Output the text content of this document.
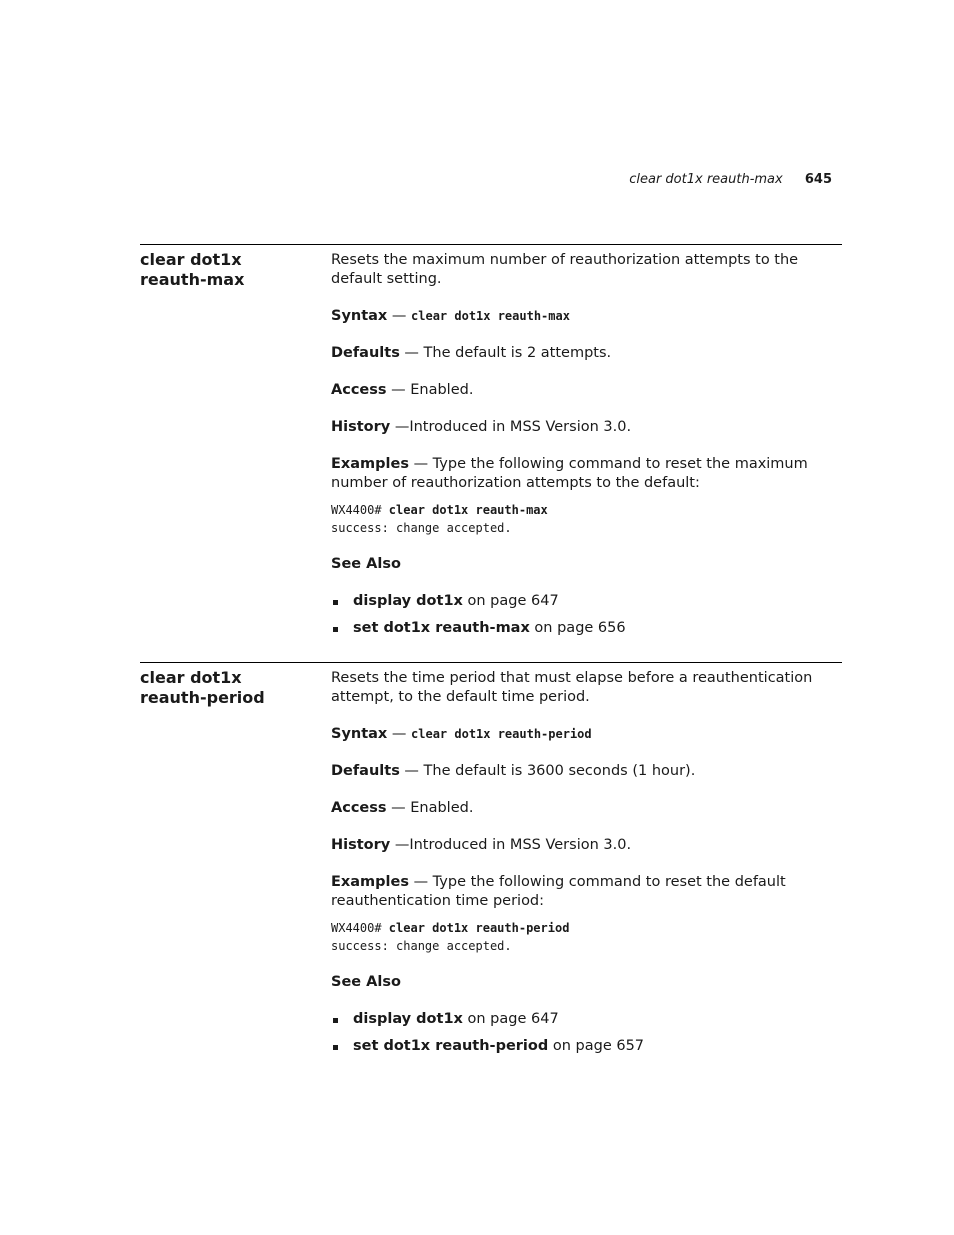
clear dot1x reauth-max 645
clear dot1x
reauth-max

Resets the maximum number of reauthorization attempts to the default setting.

Syntax — clear dot1x reauth-max

Defaults — The default is 2 attempts.

Access — Enabled.

History —Introduced in MSS Version 3.0.

Examples — Type the following command to reset the maximum number of reauthorization attempts to the default:

WX4400# clear dot1x reauth-max
success: change accepted.

See Also

display dot1x on page 647
set dot1x reauth-max on page 656
clear dot1x
reauth-period

Resets the time period that must elapse before a reauthentication attempt, to the default time period.

Syntax — clear dot1x reauth-period

Defaults — The default is 3600 seconds (1 hour).

Access — Enabled.

History —Introduced in MSS Version 3.0.

Examples — Type the following command to reset the default reauthentication time period:

WX4400# clear dot1x reauth-period
success: change accepted.

See Also

display dot1x on page 647
set dot1x reauth-period on page 657
